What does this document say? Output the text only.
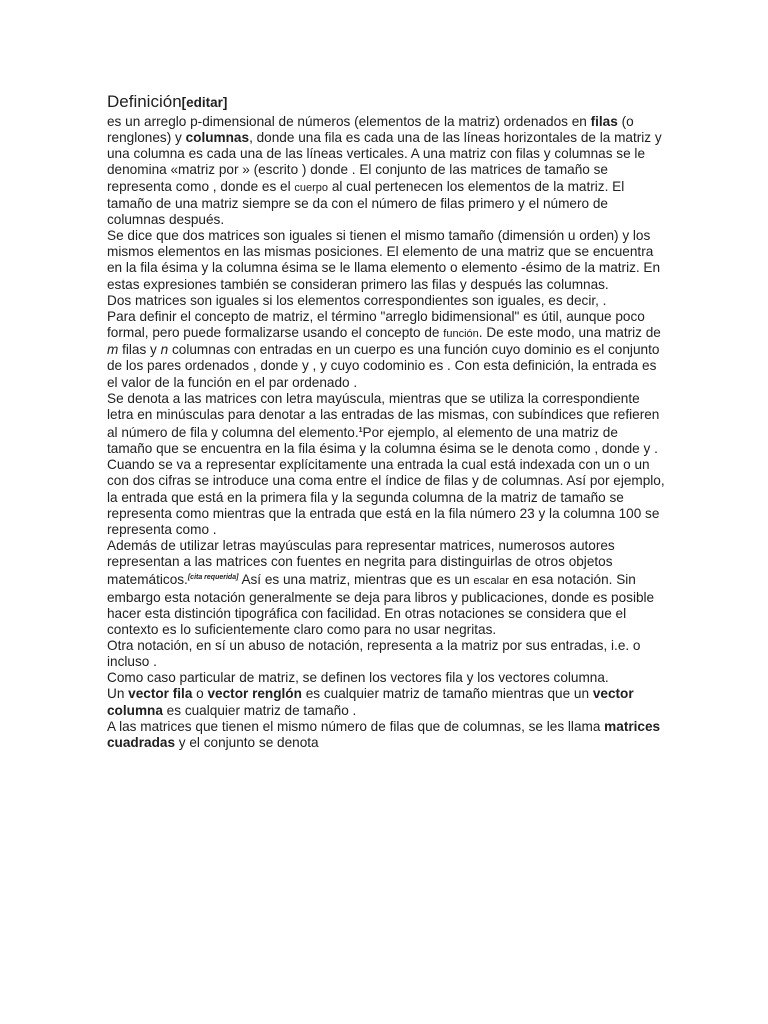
Definición[editar]

es un arreglo p-dimensional de números (elementos de la matriz) ordenados en filas (o renglones) y columnas, donde una fila es cada una de las líneas horizontales de la matriz y una columna es cada una de las líneas verticales. A una matriz con filas y columnas se le denomina «matriz por » (escrito ) donde . El conjunto de las matrices de tamaño se representa como , donde es el cuerpo al cual pertenecen los elementos de la matriz. El tamaño de una matriz siempre se da con el número de filas primero y el número de columnas después.

Se dice que dos matrices son iguales si tienen el mismo tamaño (dimensión u orden) y los mismos elementos en las mismas posiciones. El elemento de una matriz que se encuentra en la fila ésima y la columna ésima se le llama elemento o elemento -ésimo de la matriz. En estas expresiones también se consideran primero las filas y después las columnas.

Dos matrices son iguales si los elementos correspondientes son iguales, es decir, .

Para definir el concepto de matriz, el término "arreglo bidimensional" es útil, aunque poco formal, pero puede formalizarse usando el concepto de función. De este modo, una matriz de m filas y n columnas con entradas en un cuerpo es una función cuyo dominio es el conjunto de los pares ordenados , donde y , y cuyo codominio es . Con esta definición, la entrada es el valor de la función en el par ordenado .

Se denota a las matrices con letra mayúscula, mientras que se utiliza la correspondiente letra en minúsculas para denotar a las entradas de las mismas, con subíndices que refieren al número de fila y columna del elemento.$^1$Por ejemplo, al elemento de una matriz de tamaño que se encuentra en la fila ésima y la columna ésima se le denota como , donde y .

Cuando se va a representar explícitamente una entrada la cual está indexada con un o un con dos cifras se introduce una coma entre el índice de filas y de columnas. Así por ejemplo, la entrada que está en la primera fila y la segunda columna de la matriz de tamaño se representa como mientras que la entrada que está en la fila número 23 y la columna 100 se representa como .

Además de utilizar letras mayúsculas para representar matrices, numerosos autores representan a las matrices con fuentes en negrita para distinguirlas de otros objetos matemáticos.[cita requerida] Así es una matriz, mientras que es un escalar en esa notación. Sin embargo esta notación generalmente se deja para libros y publicaciones, donde es posible hacer esta distinción tipográfica con facilidad. En otras notaciones se considera que el contexto es lo suficientemente claro como para no usar negritas.

Otra notación, en sí un abuso de notación, representa a la matriz por sus entradas, i.e. o incluso .

Como caso particular de matriz, se definen los vectores fila y los vectores columna.

Un vector fila o vector renglón es cualquier matriz de tamaño mientras que un vector columna es cualquier matriz de tamaño .

A las matrices que tienen el mismo número de filas que de columnas, se les llama matrices cuadradas y el conjunto se denota
